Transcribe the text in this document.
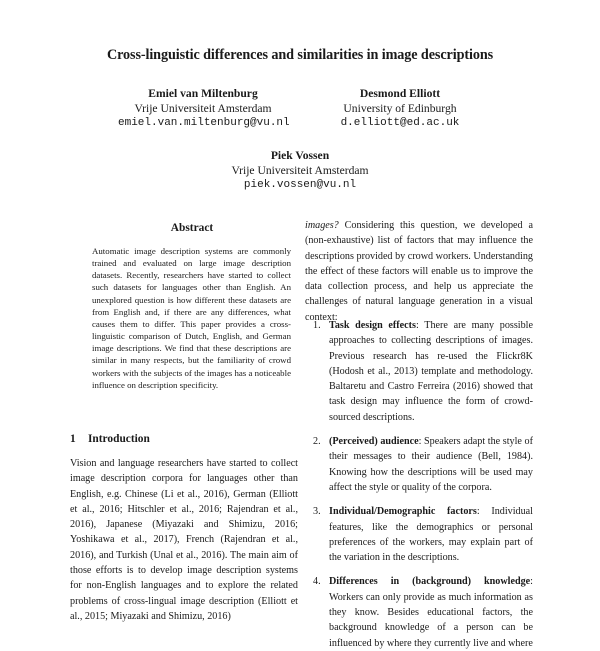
Cross-linguistic differences and similarities in image descriptions
Emiel van Miltenburg
Vrije Universiteit Amsterdam
emiel.van.miltenburg@vu.nl
Desmond Elliott
University of Edinburgh
d.elliott@ed.ac.uk
Piek Vossen
Vrije Universiteit Amsterdam
piek.vossen@vu.nl
Abstract

Automatic image description systems are commonly trained and evaluated on large image description datasets. Recently, researchers have started to collect such datasets for languages other than English. An unexplored question is how different these datasets are from English and, if there are any differences, what causes them to differ. This paper provides a cross-linguistic comparison of Dutch, English, and German image descriptions. We find that these descriptions are similar in many respects, but the familiarity of crowd workers with the subjects of the images has a noticeable influence on description specificity.

1 Introduction

Vision and language researchers have started to collect image description corpora for languages other than English, e.g. Chinese (Li et al., 2016), German (Elliott et al., 2016; Hitschler et al., 2016; Rajendran et al., 2016), Japanese (Miyazaki and Shimizu, 2016; Yoshikawa et al., 2017), French (Rajendran et al., 2016), and Turkish (Unal et al., 2016). The main aim of those efforts is to develop image description systems for non-English languages and to explore the related problems of cross-lingual image description (Elliott et al., 2015; Miyazaki and Shimizu, 2016)

images? Considering this question, we developed a (non-exhaustive) list of factors that may influence the descriptions provided by crowd workers. Understanding the effect of these factors will enable us to improve the data collection process, and help us appreciate the challenges of natural language generation in a visual context:

1. Task design effects: There are many possible approaches to collecting descriptions of images. Previous research has re-used the Flickr8K (Hodosh et al., 2013) template and methodology. Baltaretu and Castro Ferreira (2016) showed that task design may influence the form of crowd-sourced descriptions.
2. (Perceived) audience: Speakers adapt the style of their messages to their audience (Bell, 1984). Knowing how the descriptions will be used may affect the style or quality of the corpora.
3. Individual/Demographic factors: Individual features, like the demographics or personal preferences of the workers, may explain part of the variation in the descriptions.
4. Differences in (background) knowledge: Workers can only provide as much information as they know. Besides educational factors, the background knowledge of a person can be influenced by where they currently live and where
